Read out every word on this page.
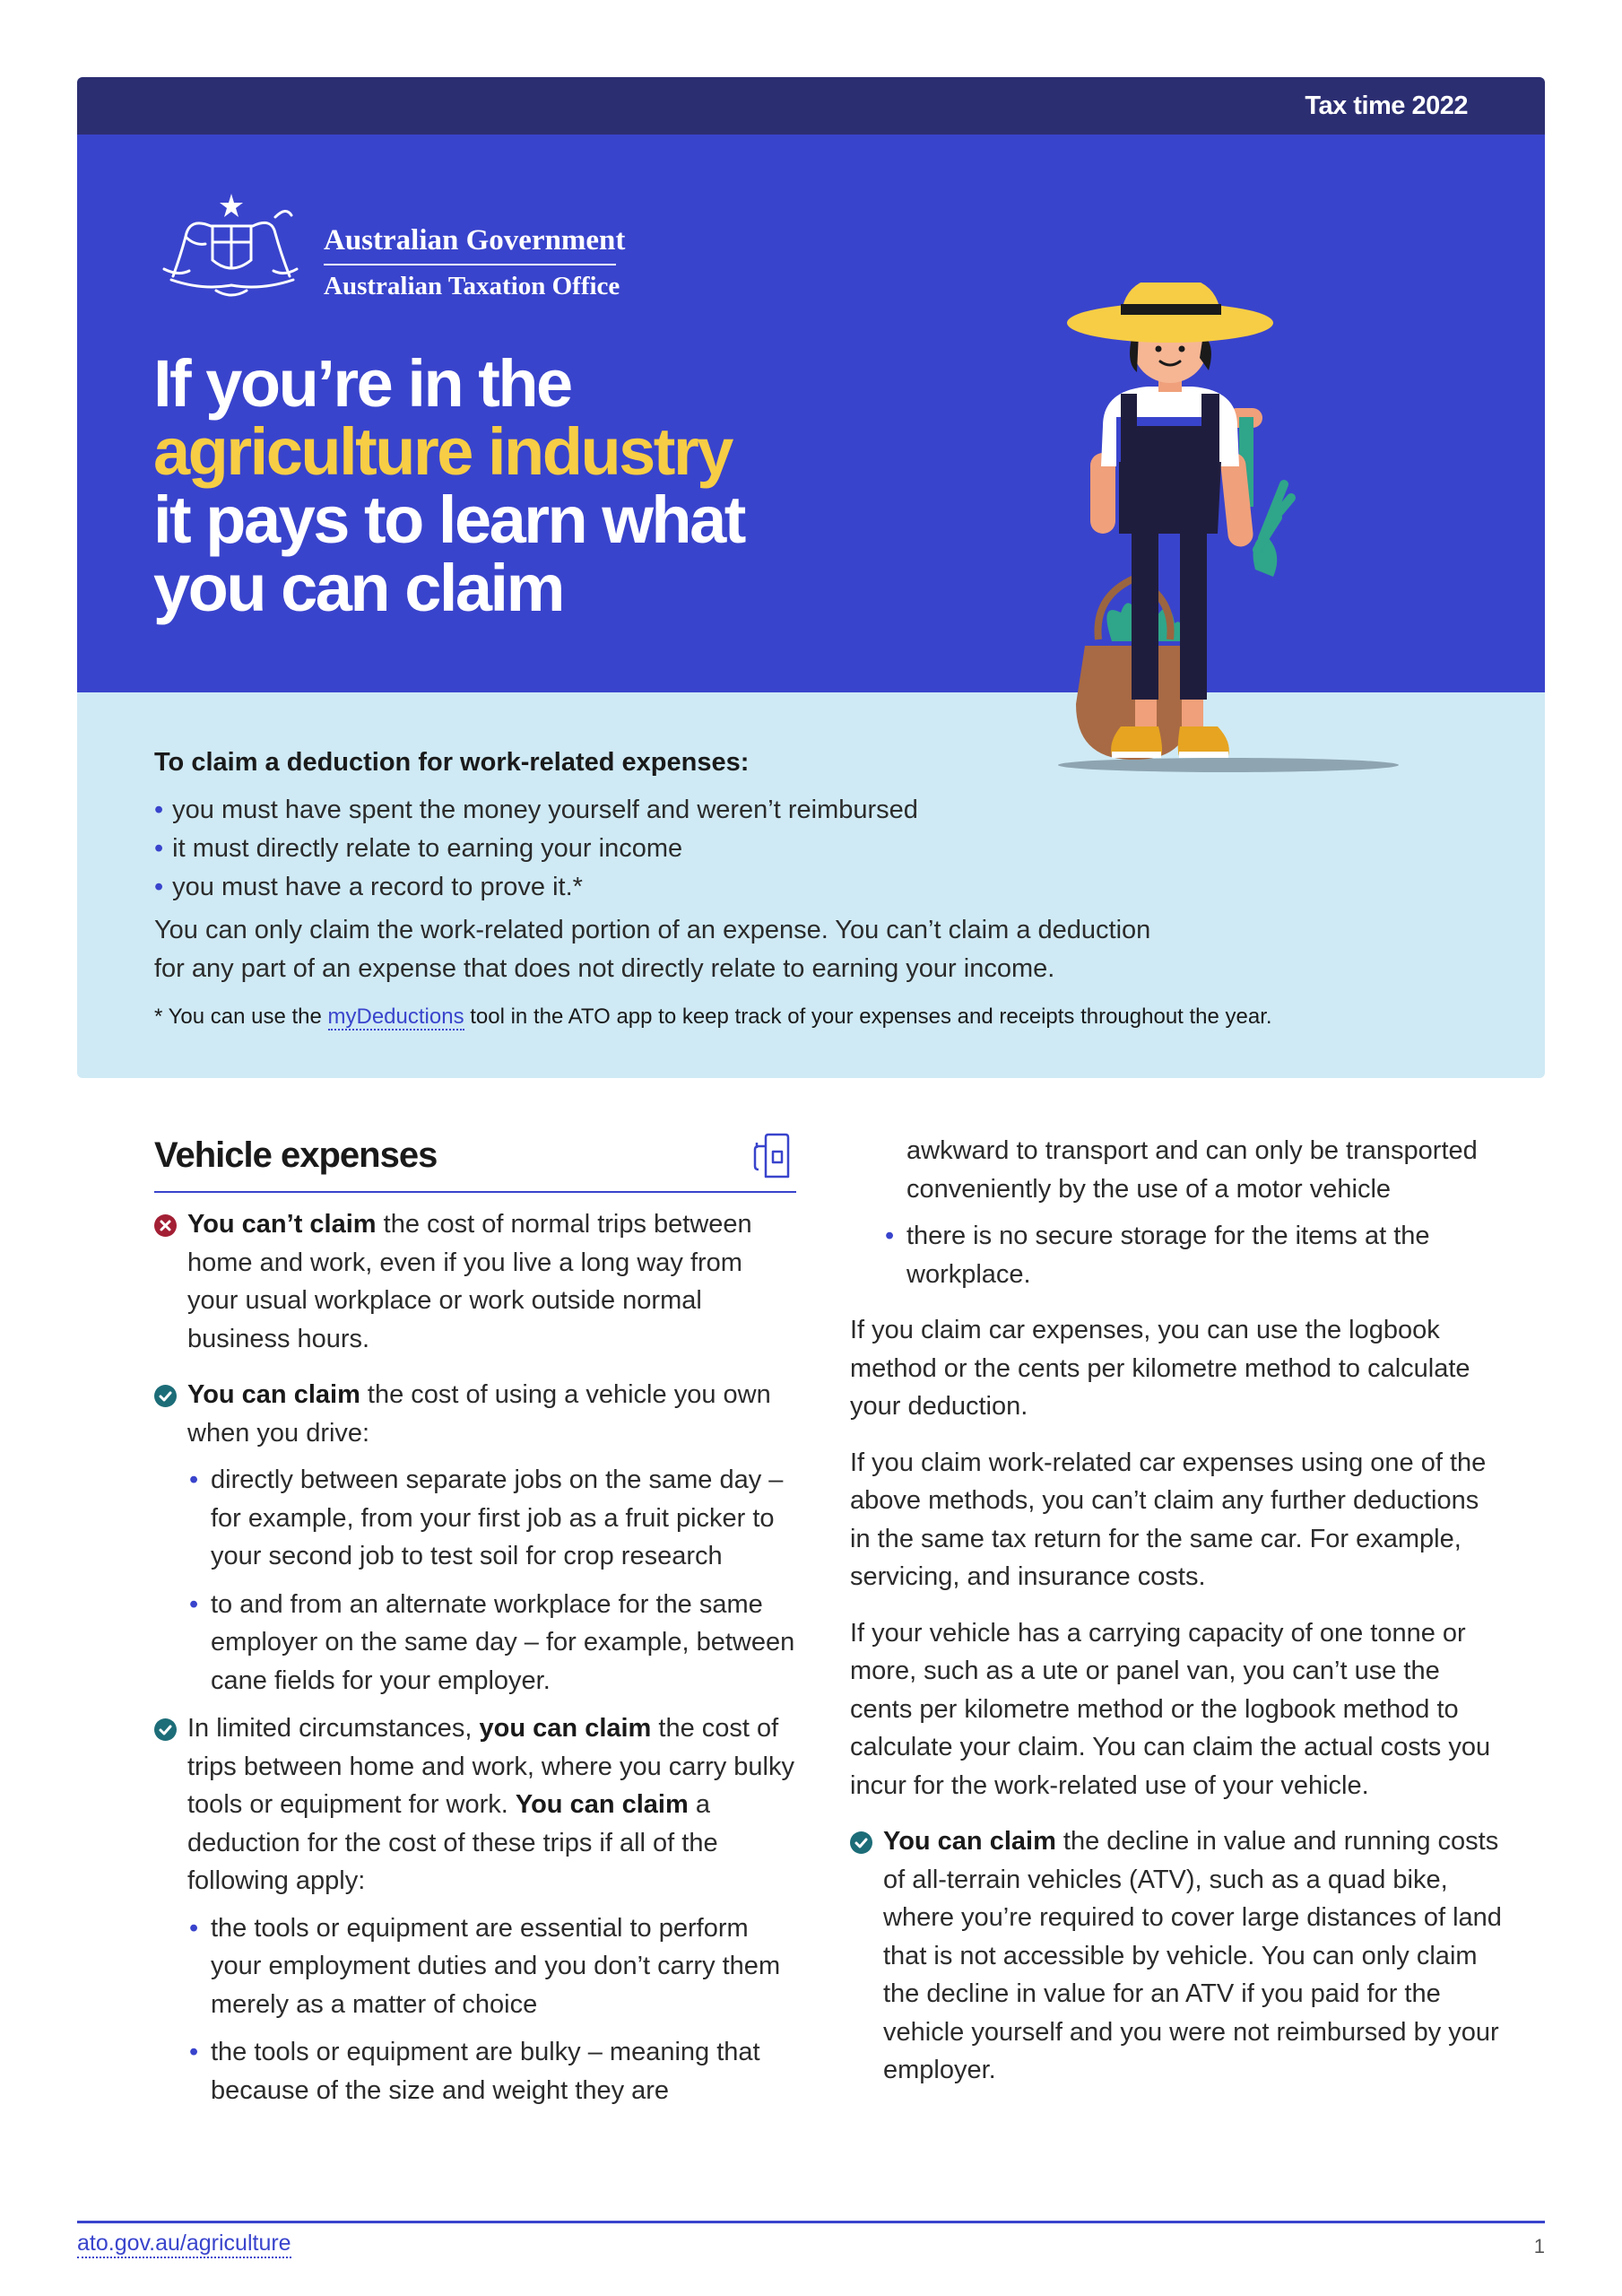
Tax time 2022
Australian Government
Australian Taxation Office
If you’re in the
agriculture industry
it pays to learn what
you can claim
To claim a deduction for work-related expenses:
• you must have spent the money yourself and weren’t reimbursed
• it must directly relate to earning your income
• you must have a record to prove it.*
You can only claim the work-related portion of an expense. You can’t claim a deduction
for any part of an expense that does not directly relate to earning your income.
* You can use the myDeductions tool in the ATO app to keep track of your expenses and receipts throughout the year.
Vehicle expenses
You can’t claim the cost of normal trips between home and work, even if you live a long way from your usual workplace or work outside normal business hours.
You can claim the cost of using a vehicle you own when you drive:
• directly between separate jobs on the same day – for example, from your first job as a fruit picker to your second job to test soil for crop research
• to and from an alternate workplace for the same employer on the same day – for example, between cane fields for your employer.
In limited circumstances, you can claim the cost of trips between home and work, where you carry bulky tools or equipment for work. You can claim a deduction for the cost of these trips if all of the following apply:
• the tools or equipment are essential to perform your employment duties and you don’t carry them merely as a matter of choice
• the tools or equipment are bulky – meaning that because of the size and weight they are
awkward to transport and can only be transported conveniently by the use of a motor vehicle
• there is no secure storage for the items at the workplace.

If you claim car expenses, you can use the logbook method or the cents per kilometre method to calculate your deduction.

If you claim work-related car expenses using one of the above methods, you can’t claim any further deductions in the same tax return for the same car. For example, servicing, and insurance costs.

If your vehicle has a carrying capacity of one tonne or more, such as a ute or panel van, you can’t use the cents per kilometre method or the logbook method to calculate your claim. You can claim the actual costs you incur for the work-related use of your vehicle.

You can claim the decline in value and running costs of all-terrain vehicles (ATV), such as a quad bike, where you’re required to cover large distances of land that is not accessible by vehicle. You can only claim the decline in value for an ATV if you paid for the vehicle yourself and you were not reimbursed by your employer.
ato.gov.au/agriculture	1
